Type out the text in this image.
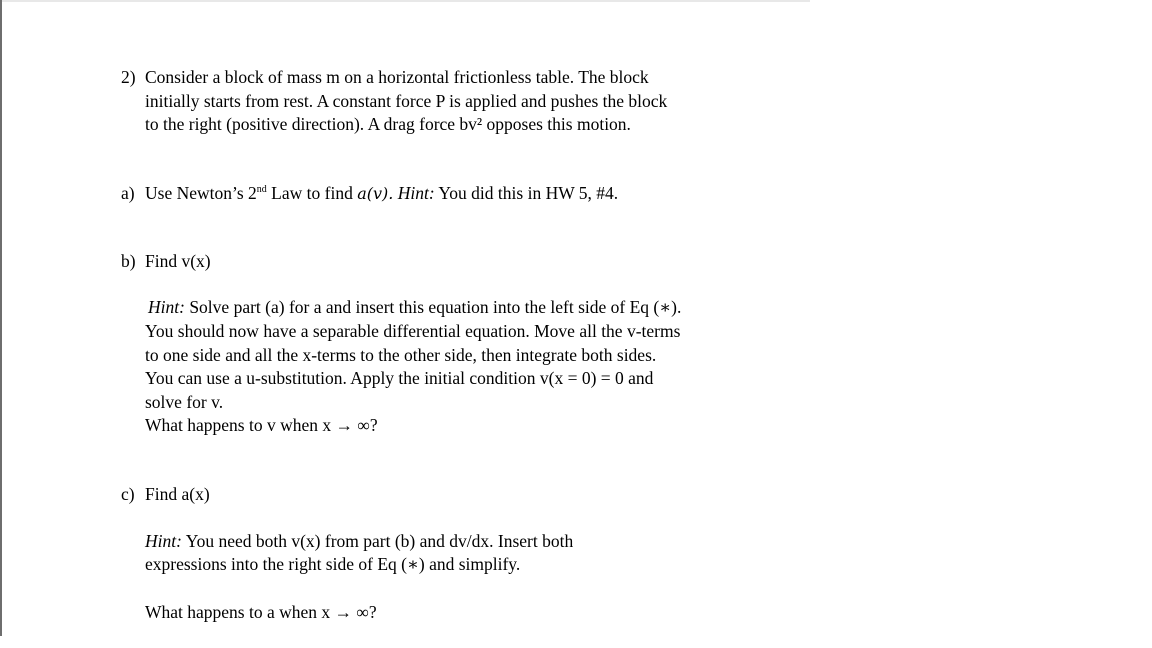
2) Consider a block of mass m on a horizontal frictionless table. The block
initially starts from rest. A constant force P is applied and pushes the block
to the right (positive direction). A drag force bv² opposes this motion.
a) Use Newton’s 2nd Law to find a(v). Hint: You did this in HW 5, #4.
b) Find v(x)
Hint: Solve part (a) for a and insert this equation into the left side of Eq (∗).
You should now have a separable differential equation. Move all the v-terms
to one side and all the x-terms to the other side, then integrate both sides.
You can use a u-substitution. Apply the initial condition v(x = 0) = 0 and
solve for v.
What happens to v when x → ∞?
c) Find a(x)
Hint: You need both v(x) from part (b) and dv/dx. Insert both
expressions into the right side of Eq (∗) and simplify.
What happens to a when x → ∞?
